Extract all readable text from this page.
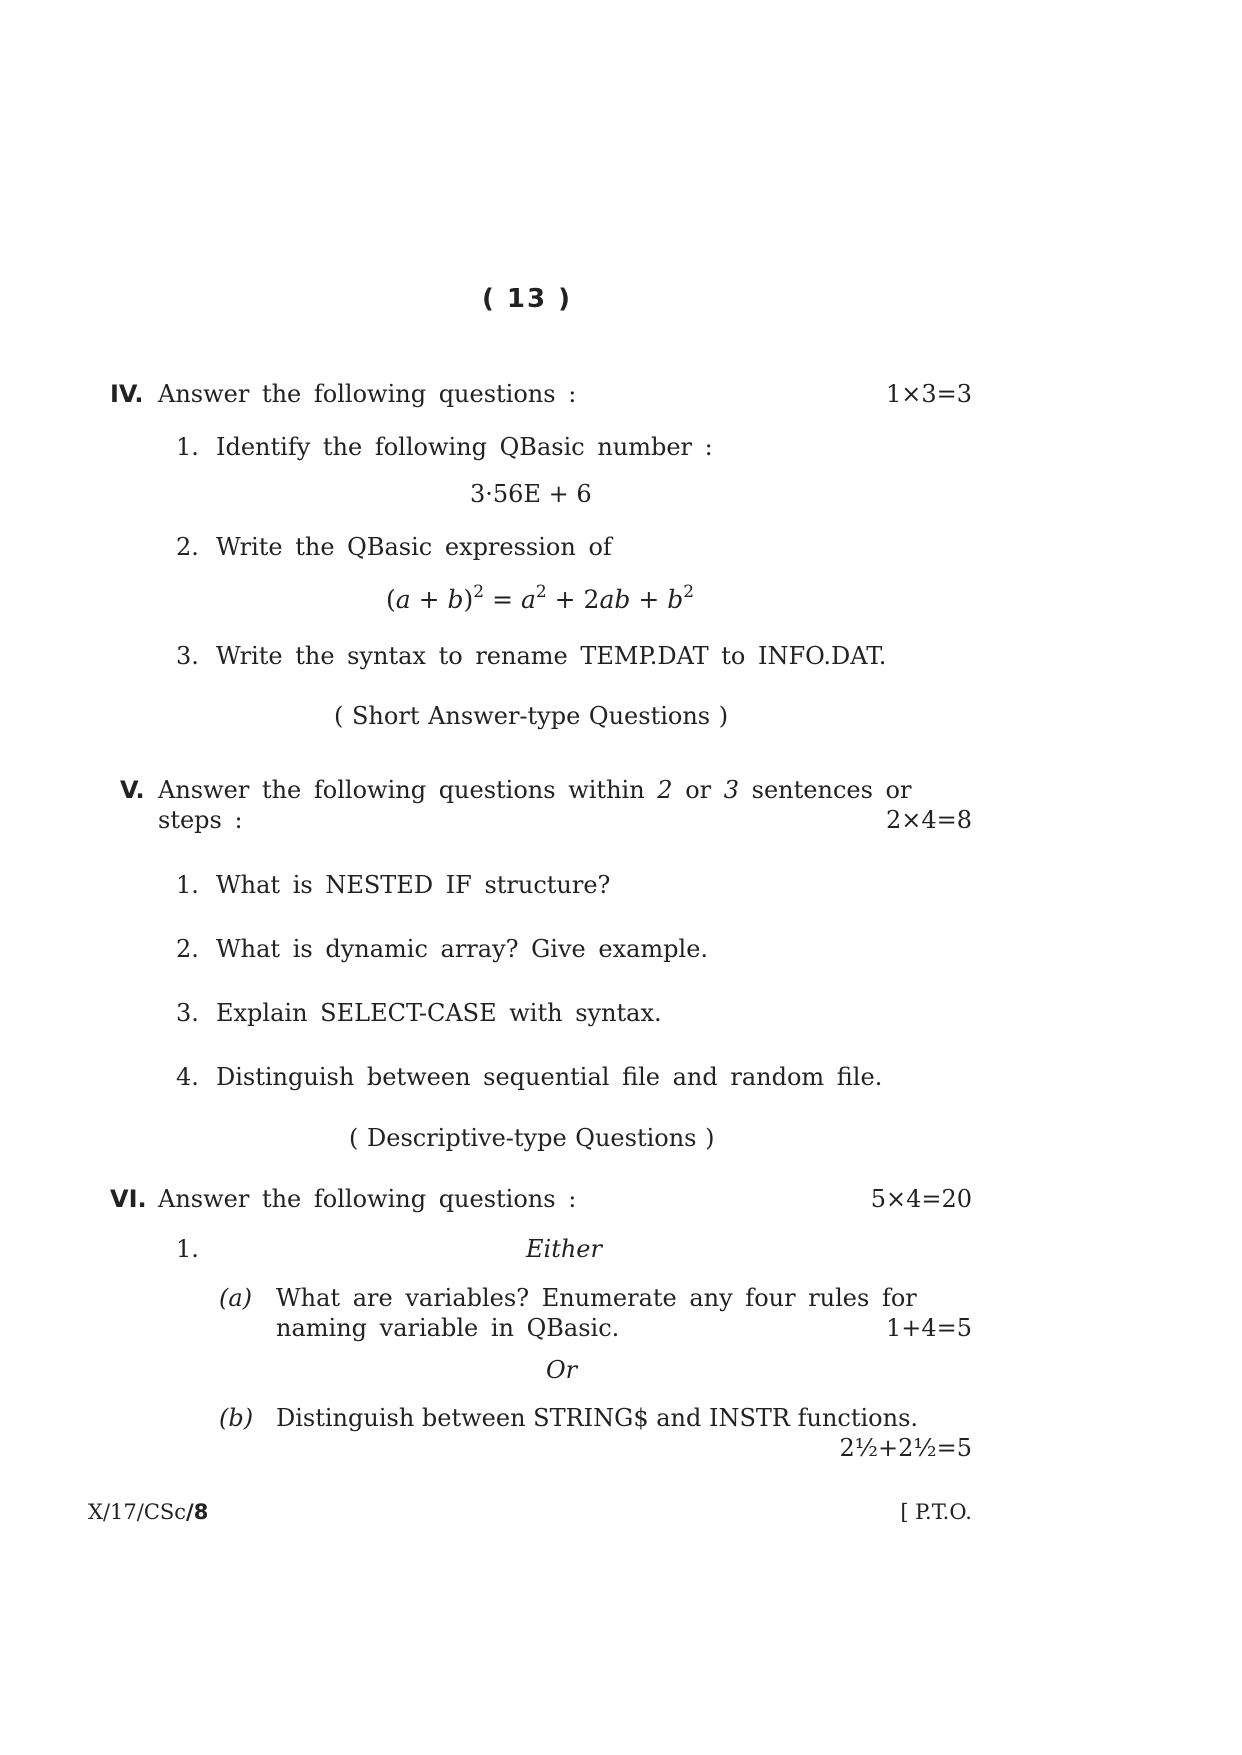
( 13 )
IV. Answer the following questions :	1×3=3
1. Identify the following QBasic number :
3·56E + 6
2. Write the QBasic expression of
$(a + b)^2 = a^2 + 2ab + b^2$
3. Write the syntax to rename TEMP.DAT to INFO.DAT.
( Short Answer-type Questions )
V. Answer the following questions within 2 or 3 sentences or
steps :	2×4=8
1. What is NESTED IF structure?
2. What is dynamic array? Give example.
3. Explain SELECT-CASE with syntax.
4. Distinguish between sequential file and random file.
( Descriptive-type Questions )
VI. Answer the following questions :	5×4=20
1.	Either
(a) What are variables? Enumerate any four rules for
naming variable in QBasic.	1+4=5
Or
(b) Distinguish between STRING$ and INSTR functions.
2½+2½=5
X/17/CSc/8	[ P.T.O.
